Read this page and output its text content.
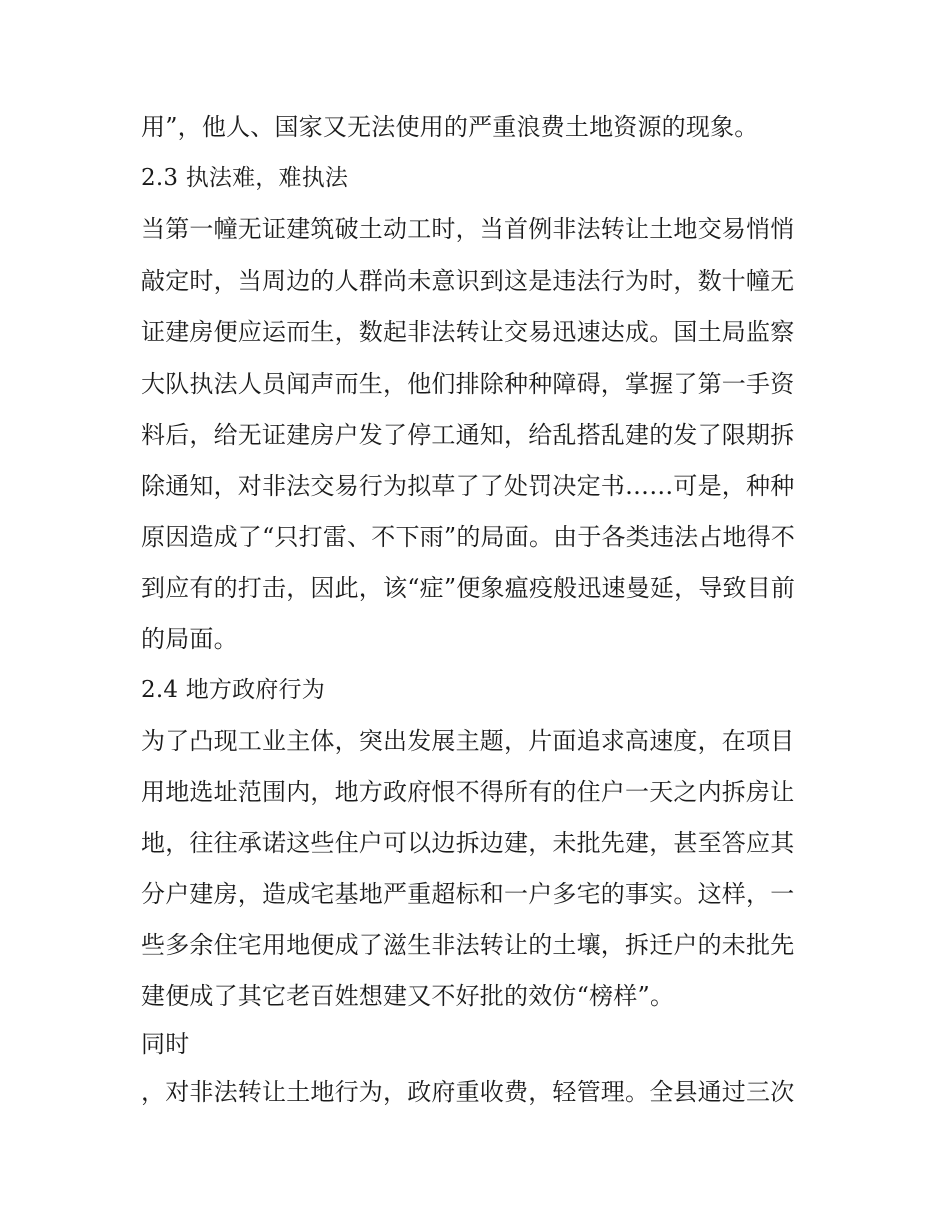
用”，他人、国家又无法使用的严重浪费土地资源的现象。
2.3 执法难，难执法
当第一幢无证建筑破土动工时，当首例非法转让土地交易悄悄
敲定时，当周边的人群尚未意识到这是违法行为时，数十幢无
证建房便应运而生，数起非法转让交易迅速达成。国土局监察
大队执法人员闻声而生，他们排除种种障碍，掌握了第一手资
料后，给无证建房户发了停工通知，给乱搭乱建的发了限期拆
除通知，对非法交易行为拟草了了处罚决定书……可是，种种
原因造成了“只打雷、不下雨”的局面。由于各类违法占地得不
到应有的打击，因此，该“症”便象瘟疫般迅速曼延，导致目前
的局面。
2.4 地方政府行为
为了凸现工业主体，突出发展主题，片面追求高速度，在项目
用地选址范围内，地方政府恨不得所有的住户一天之内拆房让
地，往往承诺这些住户可以边拆边建，未批先建，甚至答应其
分户建房，造成宅基地严重超标和一户多宅的事实。这样，一
些多余住宅用地便成了滋生非法转让的土壤，拆迁户的未批先
建便成了其它老百姓想建又不好批的效仿“榜样”。
同时
，对非法转让土地行为，政府重收费，轻管理。全县通过三次
